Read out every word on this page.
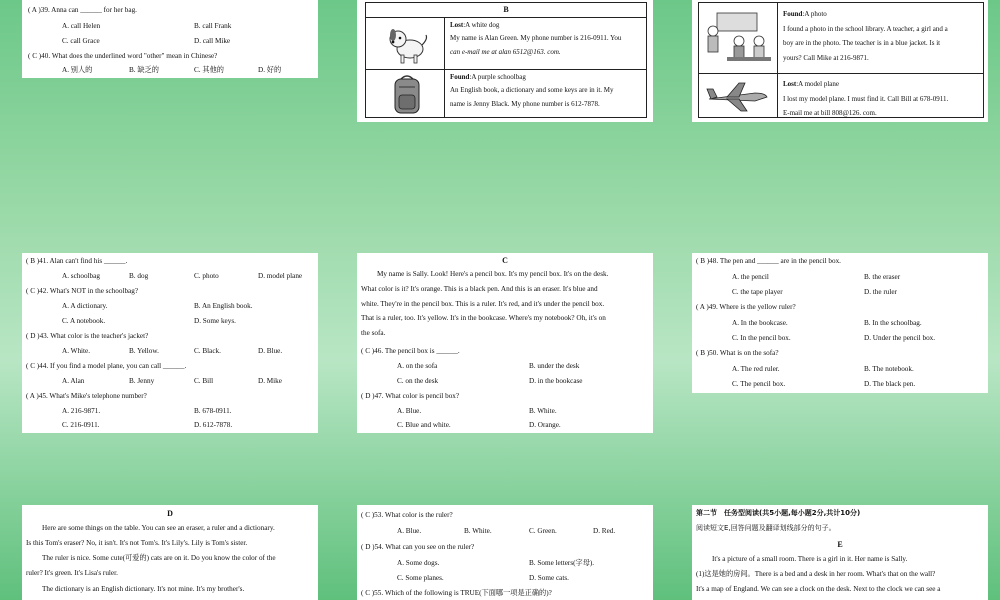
( A )39. Anna can ______ for her bag.
A. call Helen	B. call Frank
C. call Grace	D. call Mike
( C )40. What does the underlined word "other" mean in Chinese?
A. 别人的	B. 缺乏的	C. 其他的	D. 好的
B
Lost:A white dog
My name is Alan Green. My phone number is 216-0911. You
can e-mail me at alan 6512@163. com.
Found:A purple schoolbag
An English book, a dictionary and some keys are in it. My
name is Jenny Black. My phone number is 612-7878.
Found:A photo
I found a photo in the school library. A teacher, a girl and a
boy are in the photo. The teacher is in a blue jacket. Is it
yours? Call Mike at 216-9871.
Lost:A model plane
I lost my model plane. I must find it. Call Bill at 678-0911.
E-mail me at bill 808@126. com.
( B )41. Alan can't find his ______.
A. schoolbag	B. dog	C. photo	D. model plane
( C )42. What's NOT in the schoolbag?
A. A dictionary.	B. An English book.
C. A notebook.	D. Some keys.
( D )43. What color is the teacher's jacket?
A. White.	B. Yellow.	C. Black.	D. Blue.
( C )44. If you find a model plane, you can call ______.
A. Alan	B. Jenny	C. Bill	D. Mike
( A )45. What's Mike's telephone number?
A. 216-9871.	B. 678-0911.
C. 216-0911.	D. 612-7878.
C
My name is Sally. Look! Here's a pencil box. It's my pencil box. It's on the desk.
What color is it? It's orange. This is a black pen. And this is an eraser. It's blue and
white. They're in the pencil box. This is a ruler. It's red, and it's under the pencil box.
That is a ruler, too. It's yellow. It's in the bookcase. Where's my notebook? Oh, it's on
the sofa.
( C )46. The pencil box is ______.
A. on the sofa	B. under the desk
C. on the desk	D. in the bookcase
( D )47. What color is pencil box?
A. Blue.	B. White.
C. Blue and white.	D. Orange.
( B )48. The pen and ______ are in the pencil box.
A. the pencil	B. the eraser
C. the tape player	D. the ruler
( A )49. Where is the yellow ruler?
A. In the bookcase.	B. In the schoolbag.
C. In the pencil box.	D. Under the pencil box.
( B )50. What is on the sofa?
A. The red ruler.	B. The notebook.
C. The pencil box.	D. The black pen.
D
Here are some things on the table. You can see an eraser, a ruler and a dictionary.
Is this Tom's eraser? No, it isn't. It's not Tom's. It's Lily's. Lily is Tom's sister.
The ruler is nice. Some cute(可爱的) cats are on it. Do you know the color of the
ruler? It's green. It's Lisa's ruler.
The dictionary is an English dictionary. It's not mine. It's my brother's.
( C )53. What color is the ruler?
A. Blue.	B. White.	C. Green.	D. Red.
( D )54. What can you see on the ruler?
A. Some dogs.	B. Some letters(字母).
C. Some planes.	D. Some cats.
( C )55. Which of the following is TRUE(下面哪一项是正确的)?
第二节　任务型阅读(共5小题,每小题2分,共计10分)
阅读短文E,回答问题及翻译划线部分的句子。
E
It's a picture of a small room. There is a girl in it. Her name is Sally.
(1)这是她的房间。There is a bed and a desk in her room. What's that on the wall?
It's a map of England. We can see a clock on the desk. Next to the clock we can see a
